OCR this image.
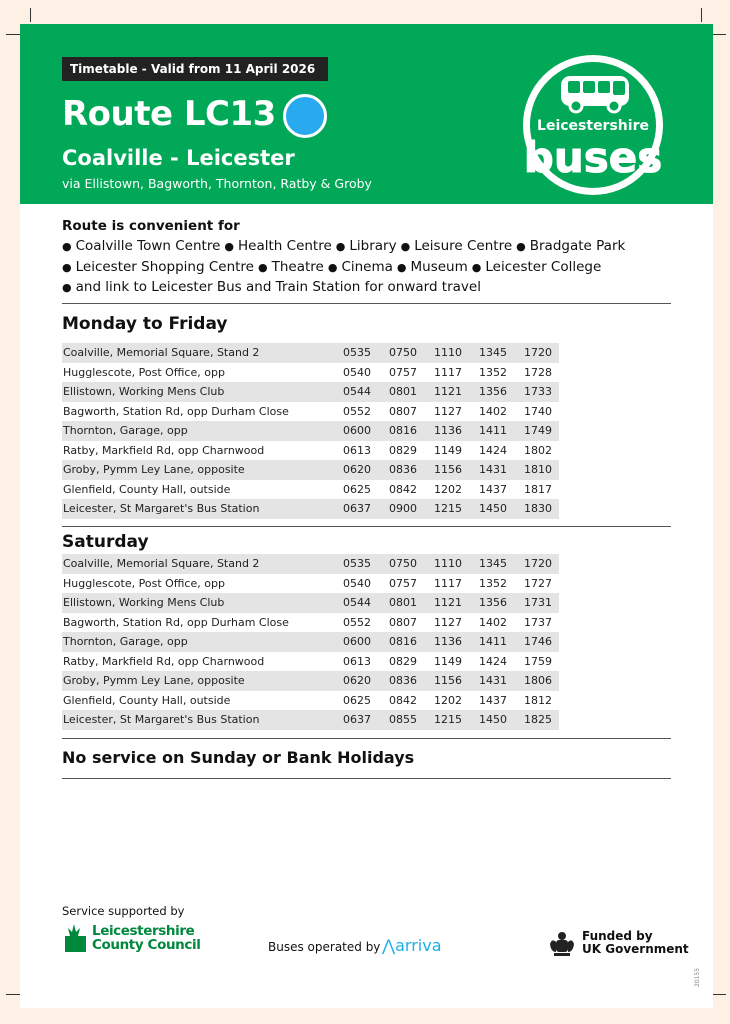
Timetable - Valid from 11 April 2026
Route LC13
Coalville - Leicester
via Ellistown, Bagworth, Thornton, Ratby & Groby
Leicestershire
buses
Route is convenient for
● Coalville Town Centre ● Health Centre ● Library ● Leisure Centre ● Bradgate Park
● Leicester Shopping Centre ● Theatre ● Cinema ● Museum ● Leicester College
● and link to Leicester Bus and Train Station for onward travel
Monday to Friday
Coalville, Memorial Square, Stand 2	0535 0750 1110 1345 1720
Hugglescote, Post Office, opp	0540 0757 1117 1352 1728
Ellistown, Working Mens Club	0544 0801 1121 1356 1733
Bagworth, Station Rd, opp Durham Close	0552 0807 1127 1402 1740
Thornton, Garage, opp	0600 0816 1136 1411 1749
Ratby, Markfield Rd, opp Charnwood	0613 0829 1149 1424 1802
Groby, Pymm Ley Lane, opposite	0620 0836 1156 1431 1810
Glenfield, County Hall, outside	0625 0842 1202 1437 1817
Leicester, St Margaret's Bus Station	0637 0900 1215 1450 1830
Saturday
Coalville, Memorial Square, Stand 2	0535 0750 1110 1345 1720
Hugglescote, Post Office, opp	0540 0757 1117 1352 1727
Ellistown, Working Mens Club	0544 0801 1121 1356 1731
Bagworth, Station Rd, opp Durham Close	0552 0807 1127 1402 1737
Thornton, Garage, opp	0600 0816 1136 1411 1746
Ratby, Markfield Rd, opp Charnwood	0613 0829 1149 1424 1759
Groby, Pymm Ley Lane, opposite	0620 0836 1156 1431 1806
Glenfield, County Hall, outside	0625 0842 1202 1437 1812
Leicester, St Margaret's Bus Station	0637 0855 1215 1450 1825
No service on Sunday or Bank Holidays
Service supported by
Leicestershire
County Council	Buses operated by ⋀arriva	Funded by
UK Government
20155
